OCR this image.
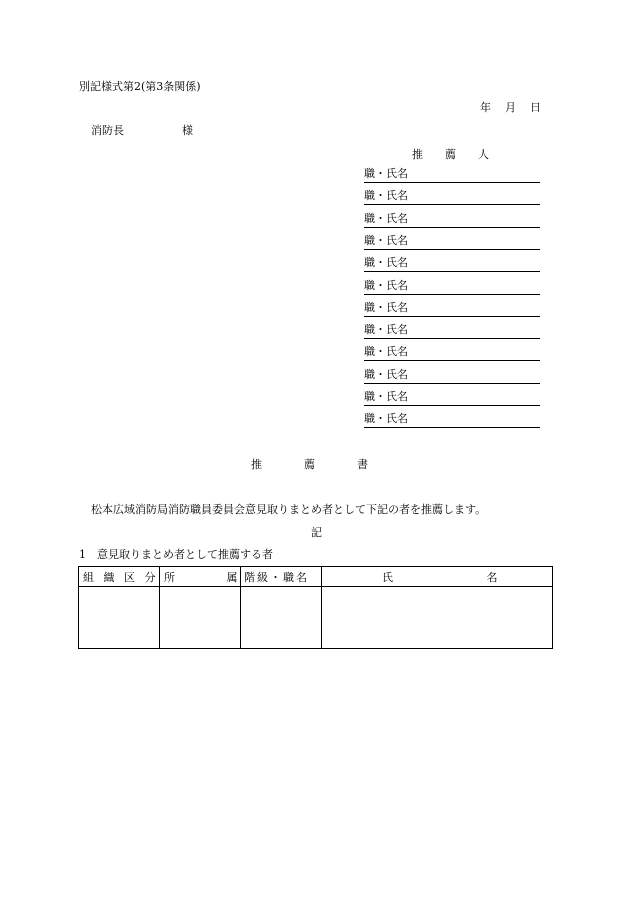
別記様式第2(第3条関係)
年 月 日
消防長	様
推薦人
職・氏名
職・氏名
職・氏名
職・氏名
職・氏名
職・氏名
職・氏名
職・氏名
職・氏名
職・氏名
職・氏名
職・氏名
推薦書
松本広域消防局消防職員委員会意見取りまとめ者として下記の者を推薦します。
記
1 意見取りまとめ者として推薦する者
組 織 区 分	所 属	階級・職名	氏 名
